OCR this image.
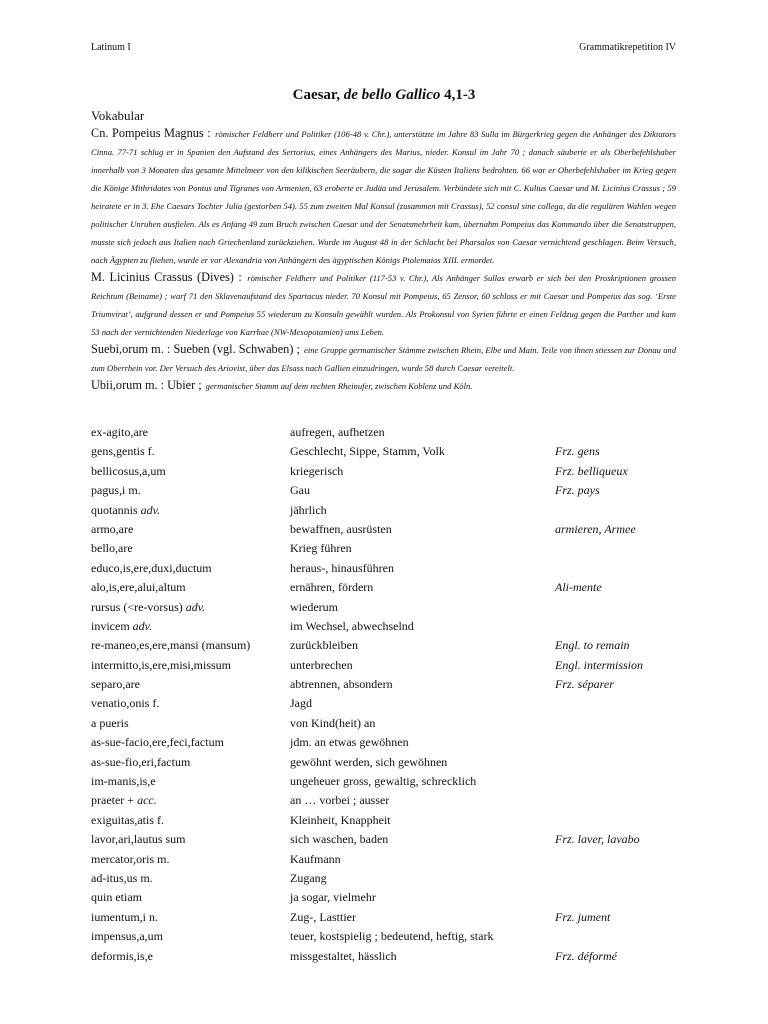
Latinum I	Grammatikrepetition IV
Caesar, de bello Gallico 4,1-3
Vokabular

Cn. Pompeius Magnus : römischer Feldherr und Politiker (106-48 v. Chr.), unterstützte im Jahre 83 Sulla im Bürgerkrieg gegen die Anhänger des Diktators Cinna. 77-71 schlug er in Spanien den Aufstand des Sertorius, eines Anhängers des Marius, nieder. Konsul im Jahr 70 ; danach säuberte er als Oberbefehlshaber innerhalb von 3 Monaten das gesamte Mittelmeer von den kilikischen Seeräubern, die sogar die Küsten Italiens bedrohten. 66 war er Oberbefehlshaber im Krieg gegen die Könige Mithridates von Pontus und Tigranes von Armenien, 63 eroberte er Judäa und Jerusalem. Verbündete sich mit C. Kulius Caesar und M. Licinius Crassus ; 59 heiratete er in 3. Ehe Caesars Tochter Julia (gestorben 54). 55 zum zweiten Mal Konsul (zusammen mit Crassus), 52 consul sine collega, da die regulären Wahlen wegen politischer Unruhen ausfielen. Als es Anfang 49 zum Bruch zwischen Caesar und der Senatsmehrheit kam, übernahm Pompeius das Kommando über die Senatstruppen, musste sich jedoch aus Italien nach Griechenland zurückziehen. Wurde im August 48 in der Schlacht bei Pharsalos von Caesar vernichtend geschlagen. Beim Versuch, nach Ägypten zu fliehen, wurde er vor Alexandria von Anhängern des ägyptischen Königs Ptolemaios XIII. ermordet.

M. Licinius Crassus (Dives) : römischer Feldherr und Politiker (117-53 v. Chr.), Als Anhänger Sullas erwarb er sich bei den Proskriptionen grossen Reichtum (Beiname) ; warf 71 den Sklavenaufstand des Spartacus nieder. 70 Konsul mit Pompeius, 65 Zensor, 60 schloss er mit Caesar und Pompeius das sog. ‘Erste Triumvirat’, aufgrund dessen er und Pompeius 55 wiederum zu Konsuln gewählt wurden. Als Prokonsul von Syrien führte er einen Feldzug gegen die Parther und kam 53 nach der vernichtenden Niederlage von Karrhae (NW-Mesopotamien) ums Leben.

Suebi,orum m. : Sueben (vgl. Schwaben) ; eine Gruppe germanischer Stämme zwischen Rhein, Elbe und Main. Teile von ihnen stiessen zur Donau und zum Oberrhein vor. Der Versuch des Ariovist, über das Elsass nach Gallien einzudringen, wurde 58 durch Caesar vereitelt.

Ubii,orum m. : Ubier ; germanischer Stamm auf dem rechten Rheinufer, zwischen Koblenz und Köln.

ex-agito,are	aufregen, aufhetzen
gens,gentis f.	Geschlecht, Sippe, Stamm, Volk	Frz. gens
bellicosus,a,um	kriegerisch	Frz. belliqueux
pagus,i m.	Gau	Frz. pays
quotannis adv.	jährlich
armo,are	bewaffnen, ausrüsten	armieren, Armee
bello,are	Krieg führen
educo,is,ere,duxi,ductum	heraus-, hinausführen
alo,is,ere,alui,altum	ernähren, fördern	Ali-mente
rursus (<re-vorsus) adv.	wiederum
invicem adv.	im Wechsel, abwechselnd
re-maneo,es,ere,mansi (mansum)	zurückbleiben	Engl. to remain
intermitto,is,ere,misi,missum	unterbrechen	Engl. intermission
separo,are	abtrennen, absondern	Frz. séparer
venatio,onis f.	Jagd
a pueris	von Kind(heit) an
as-sue-facio,ere,feci,factum	jdm. an etwas gewöhnen
as-sue-fio,eri,factum	gewöhnt werden, sich gewöhnen
im-manis,is,e	ungeheuer gross, gewaltig, schrecklich
praeter + acc.	an … vorbei ; ausser
exiguitas,atis f.	Kleinheit, Knappheit
lavor,ari,lautus sum	sich waschen, baden	Frz. laver, lavabo
mercator,oris m.	Kaufmann
ad-itus,us m.	Zugang
quin etiam	ja sogar, vielmehr
iumentum,i n.	Zug-, Lasttier	Frz. jument
impensus,a,um	teuer, kostspielig ; bedeutend, heftig, stark
deformis,is,e	missgestaltet, hässlich	Frz. déformé
